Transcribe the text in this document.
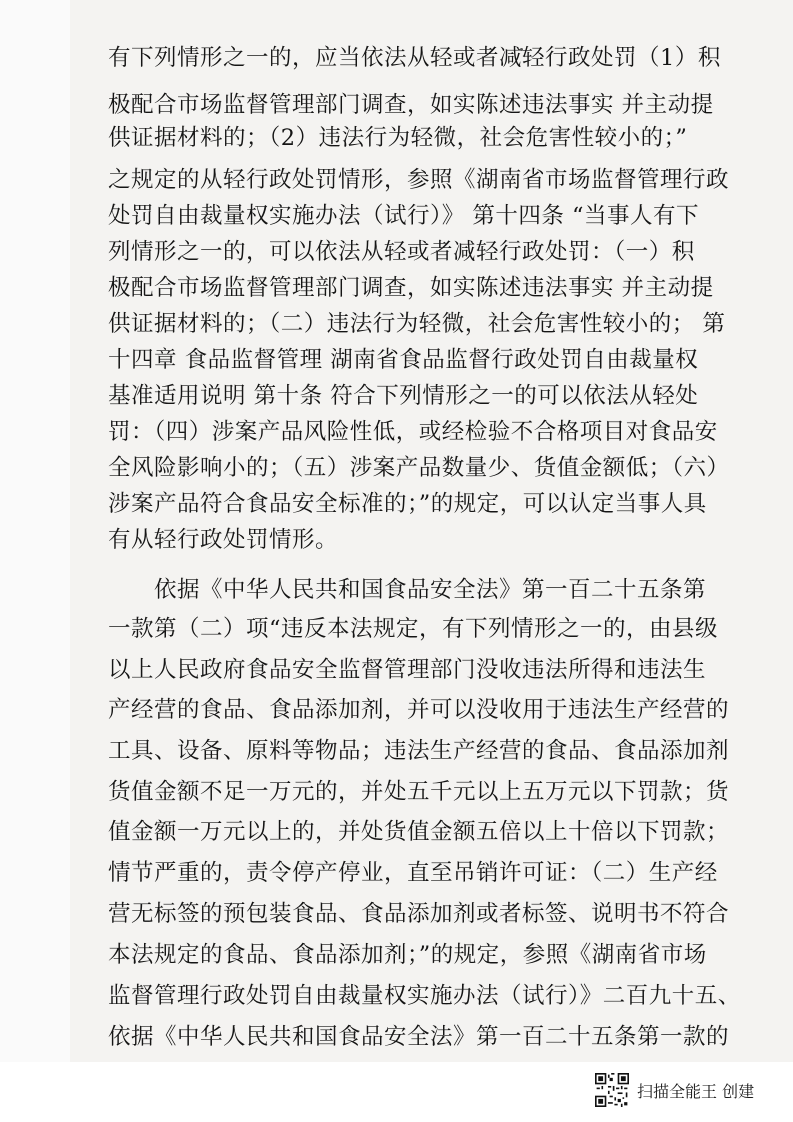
有下列情形之一的，应当依法从轻或者减轻行政处罚（1）积
极配合市场监督管理部门调查，如实陈述违法事实 并主动提
供证据材料的；（2）违法行为轻微，社会危害性较小的；”
之规定的从轻行政处罚情形，参照《湖南省市场监督管理行政
处罚自由裁量权实施办法（试行）》 第十四条 “当事人有下
列情形之一的，可以依法从轻或者减轻行政处罚：（一）积
极配合市场监督管理部门调查，如实陈述违法事实 并主动提
供证据材料的；（二）违法行为轻微，社会危害性较小的； 第
十四章 食品监督管理 湖南省食品监督行政处罚自由裁量权
基准适用说明 第十条 符合下列情形之一的可以依法从轻处
罚：（四）涉案产品风险性低，或经检验不合格项目对食品安
全风险影响小的；（五）涉案产品数量少、货值金额低；（六）
涉案产品符合食品安全标准的；”的规定，可以认定当事人具
有从轻行政处罚情形。
依据《中华人民共和国食品安全法》第一百二十五条第
一款第（二）项“违反本法规定，有下列情形之一的，由县级
以上人民政府食品安全监督管理部门没收违法所得和违法生
产经营的食品、食品添加剂，并可以没收用于违法生产经营的
工具、设备、原料等物品；违法生产经营的食品、食品添加剂
货值金额不足一万元的，并处五千元以上五万元以下罚款；货
值金额一万元以上的，并处货值金额五倍以上十倍以下罚款；
情节严重的，责令停产停业，直至吊销许可证：（二）生产经
营无标签的预包装食品、食品添加剂或者标签、说明书不符合
本法规定的食品、食品添加剂；”的规定，参照《湖南省市场
监督管理行政处罚自由裁量权实施办法（试行）》二百九十五、
依据《中华人民共和国食品安全法》第一百二十五条第一款的
扫描全能王 创建
